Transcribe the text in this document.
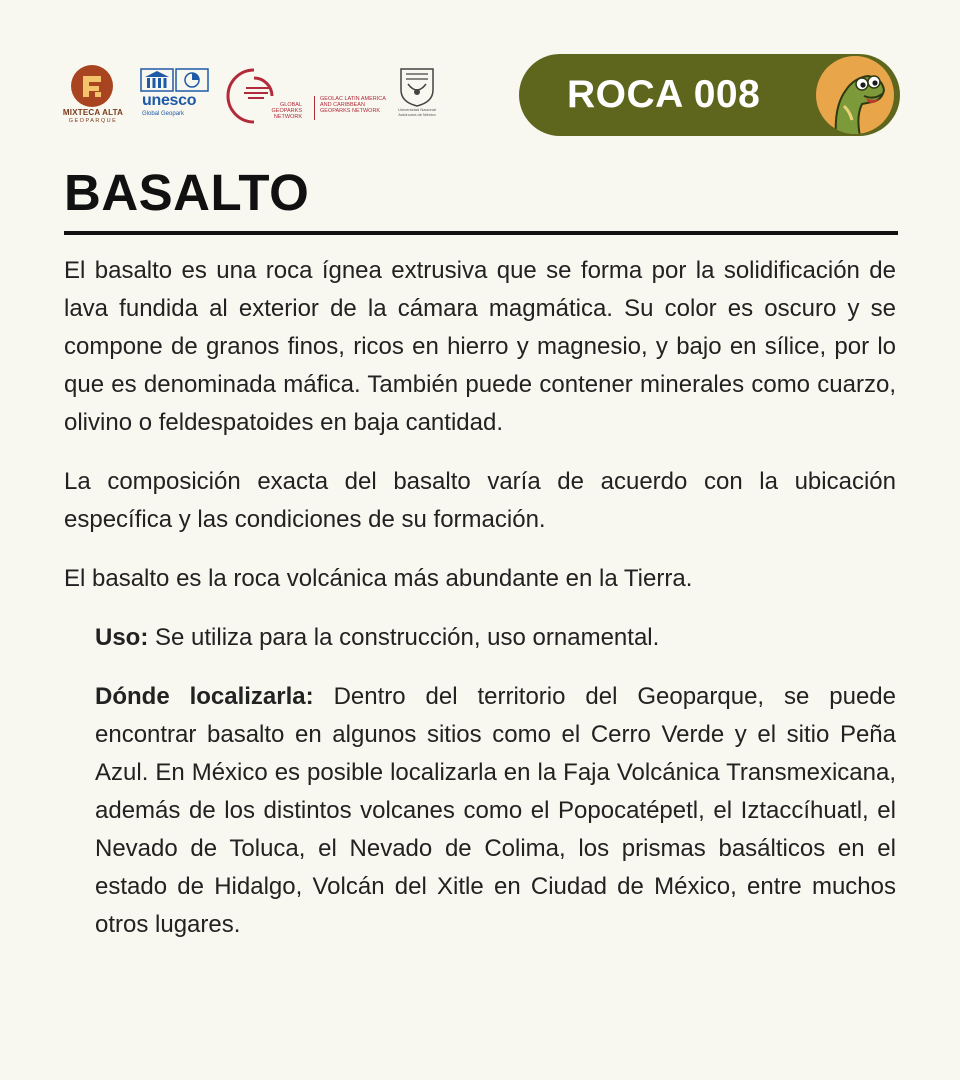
MIXTECA ALTA
GEOPARQUE
unesco
Global Geopark
GLOBAL GEOPARKS NETWORK
GEOLAC LATIN AMERICA AND CARIBBEAN GEOPARKS NETWORK	Universidad Nacional Autónoma de México	ROCA 008
BASALTO

El basalto es una roca ígnea extrusiva que se forma por la solidificación de lava fundida al exterior de la cámara magmática. Su color es oscuro y se compone de granos finos, ricos en hierro y magnesio, y bajo en sílice, por lo que es denominada máfica. También puede contener minerales como cuarzo, olivino o feldespatoides en baja cantidad.

La composición exacta del basalto varía de acuerdo con la ubicación específica y las condiciones de su formación.

El basalto es la roca volcánica más abundante en la Tierra.

Uso: Se utiliza para la construcción, uso ornamental.

Dónde localizarla: Dentro del territorio del Geoparque, se puede encontrar basalto en algunos sitios como el Cerro Verde y el sitio Peña Azul. En México es posible localizarla en la Faja Volcánica Transmexicana, además de los distintos volcanes como el Popocatépetl, el Iztaccíhuatl, el Nevado de Toluca, el Nevado de Colima, los prismas basálticos en el estado de Hidalgo, Volcán del Xitle en Ciudad de México, entre muchos otros lugares.
